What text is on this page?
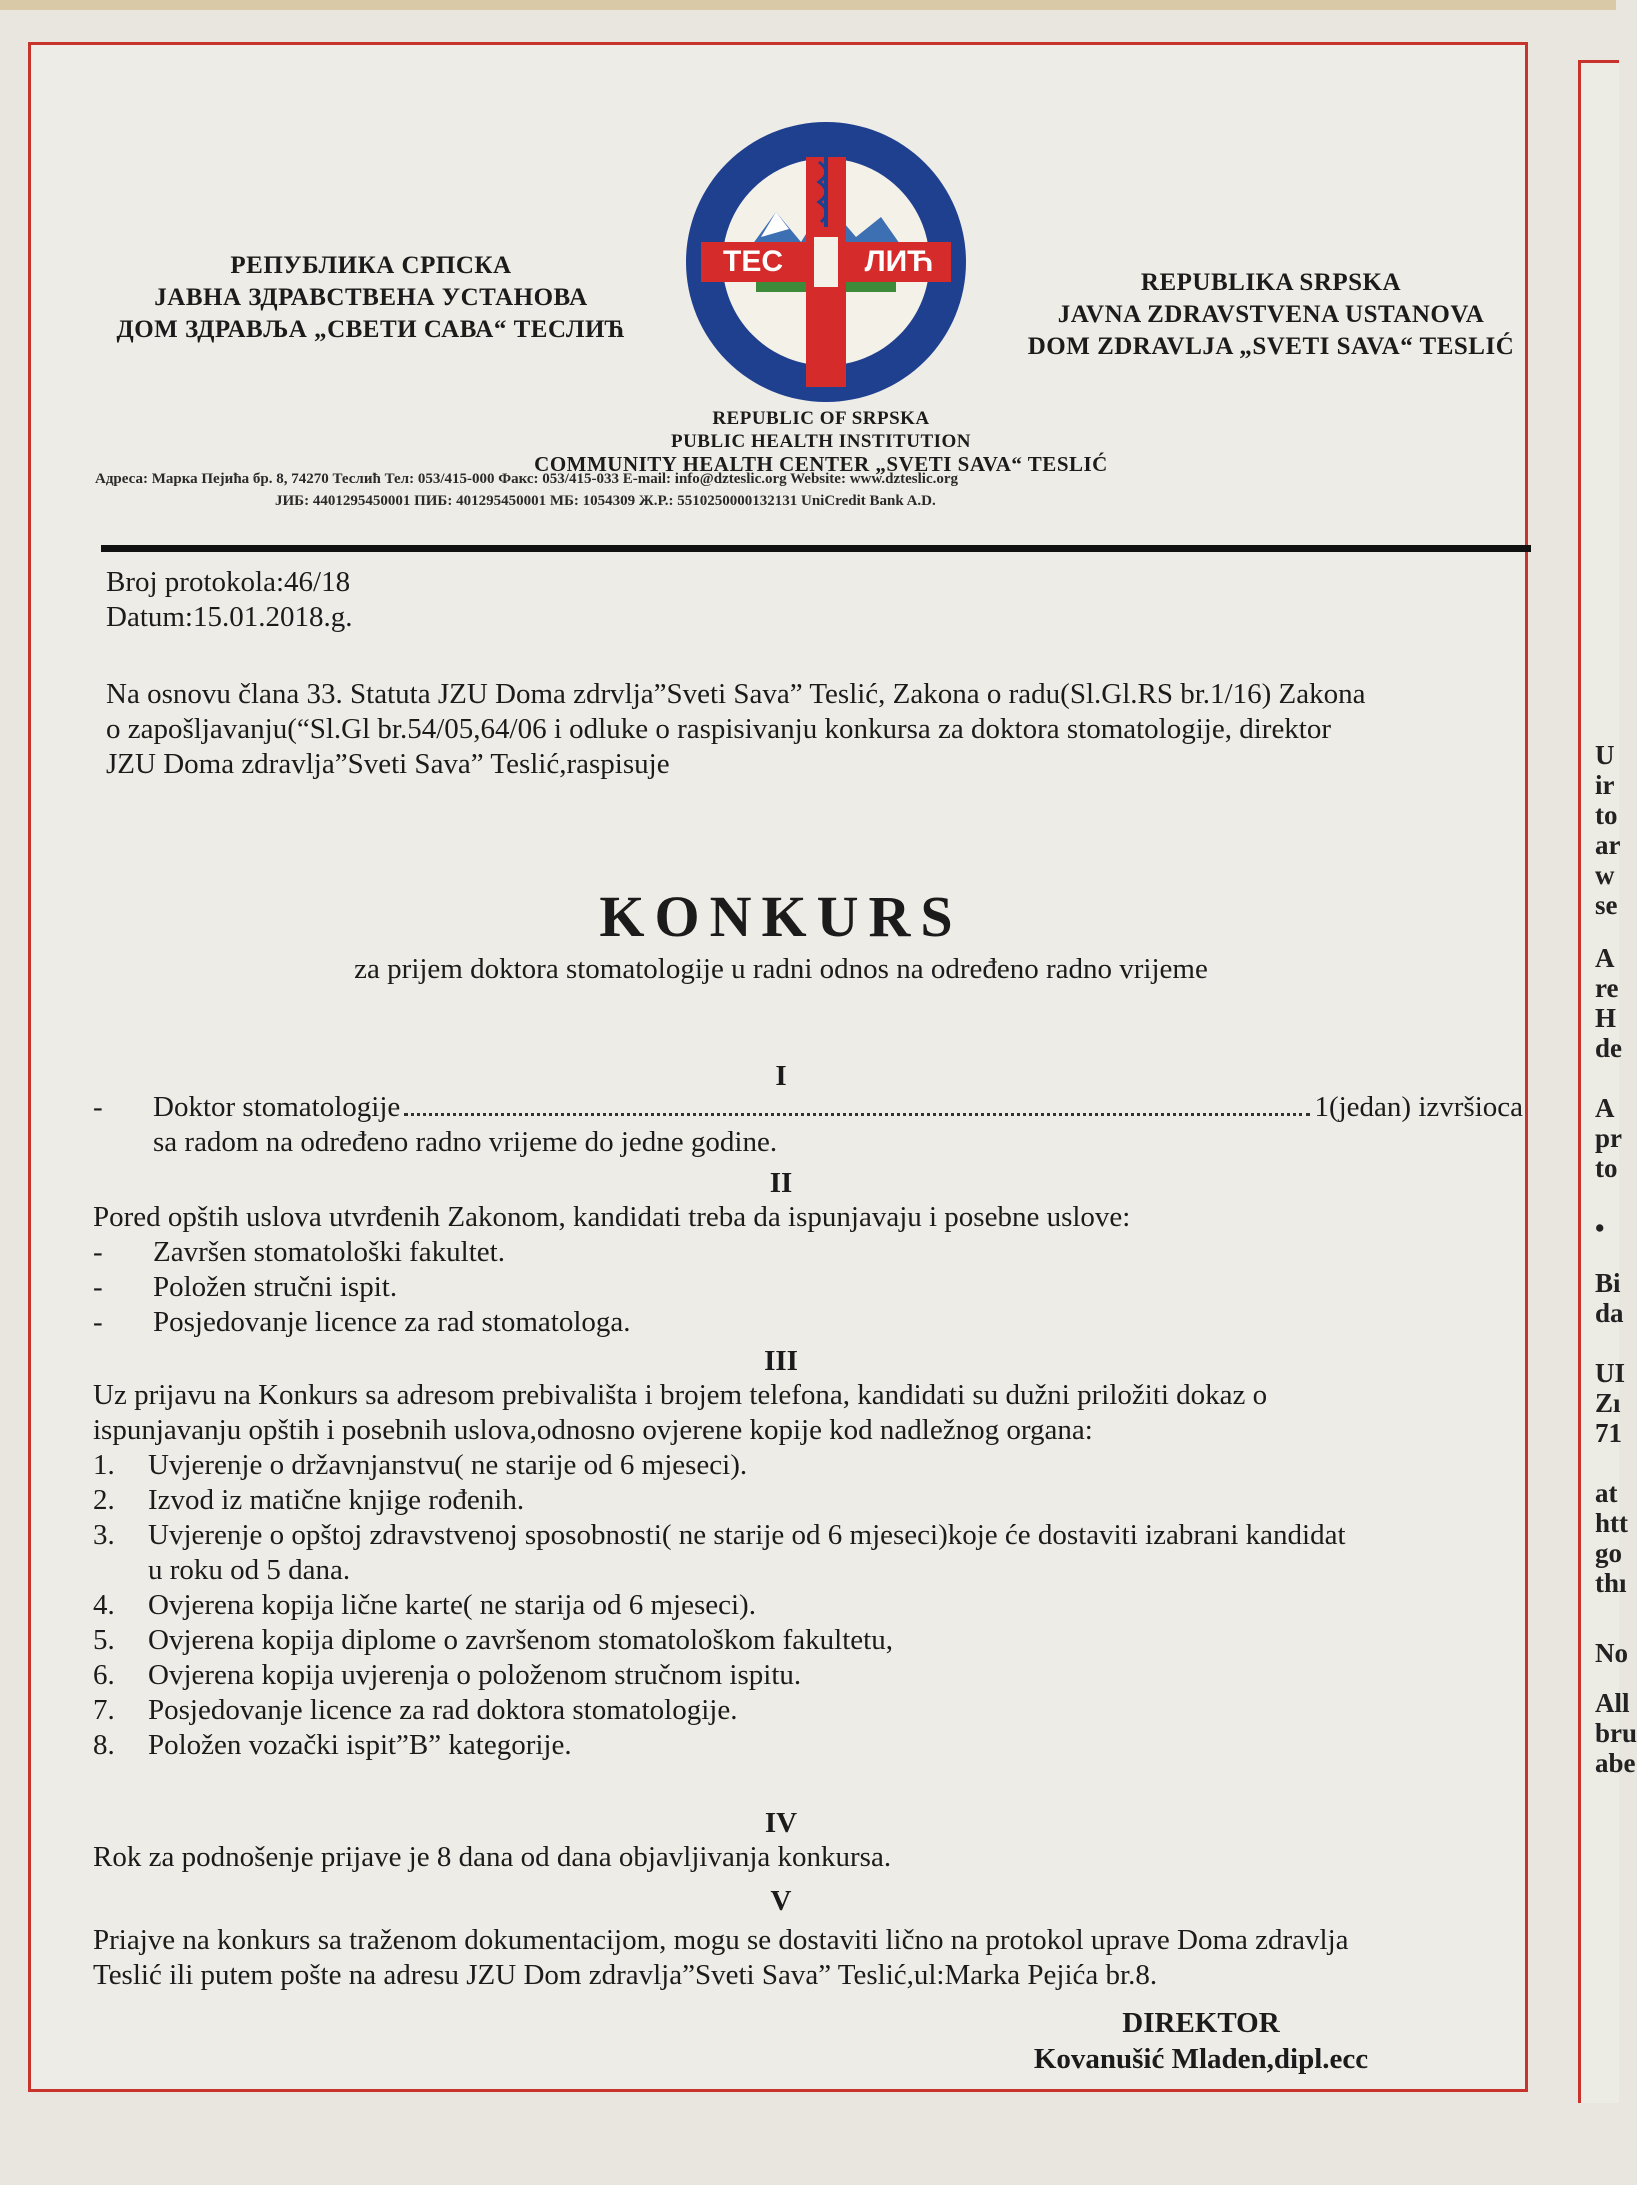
U
ir
to
ar
w
se
A
re
H
de
A
pr
to
•
Bi
da
UI
Zı
71
at
htt
go
thı
No
All
bru
abe
РЕПУБЛИКА СРПСКА
ЈАВНА ЗДРАВСТВЕНА УСТАНОВА
ДОМ ЗДРАВЉА „СВЕТИ САВА“ ТЕСЛИЋ
ТЕС	ЛИЋ
REPUBLIKA SRPSKA
JAVNA ZDRAVSTVENA USTANOVA
DOM ZDRAVLJA „SVETI SAVA“ TESLIĆ
REPUBLIC OF SRPSKA
PUBLIC HEALTH INSTITUTION
COMMUNITY HEALTH CENTER „SVETI SAVA“ TESLIĆ
Адреса: Марка Пејића бр. 8, 74270 Теслић Тел: 053/415-000 Факс: 053/415-033 E-mail: info@dzteslic.org Website: www.dzteslic.org
ЈИБ: 4401295450001 ПИБ: 401295450001 МБ: 1054309 Ж.Р.: 5510250000132131 UniCredit Bank A.D.
Broj protokola:46/18
Datum:15.01.2018.g.
Na osnovu člana 33. Statuta JZU Doma zdrvlja”Sveti Sava” Teslić, Zakona o radu(Sl.Gl.RS br.1/16) Zakona
o zapošljavanju(“Sl.Gl br.54/05,64/06 i odluke o raspisivanju konkursa za doktora stomatologije, direktor
JZU Doma zdravlja”Sveti Sava” Teslić,raspisuje
KONKURS
za prijem doktora stomatologije u radni odnos na određeno radno vrijeme
I
-	Doktor stomatologije	1(jedan) izvršioca
sa radom na određeno radno vrijeme do jedne godine.
II
Pored opštih uslova utvrđenih Zakonom, kandidati treba da ispunjavaju i posebne uslove:
- Završen stomatološki fakultet.
- Položen stručni ispit.
- Posjedovanje licence za rad stomatologa.
III
Uz prijavu na Konkurs sa adresom prebivališta i brojem telefona, kandidati su dužni priložiti dokaz o
ispunjavanju opštih i posebnih uslova,odnosno ovjerene kopije kod nadležnog organa:
1. Uvjerenje o državnjanstvu( ne starije od 6 mjeseci).
2. Izvod iz matične knjige rođenih.
3. Uvjerenje o opštoj zdravstvenoj sposobnosti( ne starije od 6 mjeseci)koje će dostaviti izabrani kandidat
u roku od 5 dana.
4. Ovjerena kopija lične karte( ne starija od 6 mjeseci).
5. Ovjerena kopija diplome o završenom stomatološkom fakultetu,
6. Ovjerena kopija uvjerenja o položenom stručnom ispitu.
7. Posjedovanje licence za rad doktora stomatologije.
8. Položen vozački ispit”B” kategorije.
IV
Rok za podnošenje prijave je 8 dana od dana objavljivanja konkursa.
V
Priajve na konkurs sa traženom dokumentacijom, mogu se dostaviti lično na protokol uprave Doma zdravlja
Teslić ili putem pošte na adresu JZU Dom zdravlja”Sveti Sava” Teslić,ul:Marka Pejića br.8.
DIREKTOR
Kovanušić Mladen,dipl.ecc
